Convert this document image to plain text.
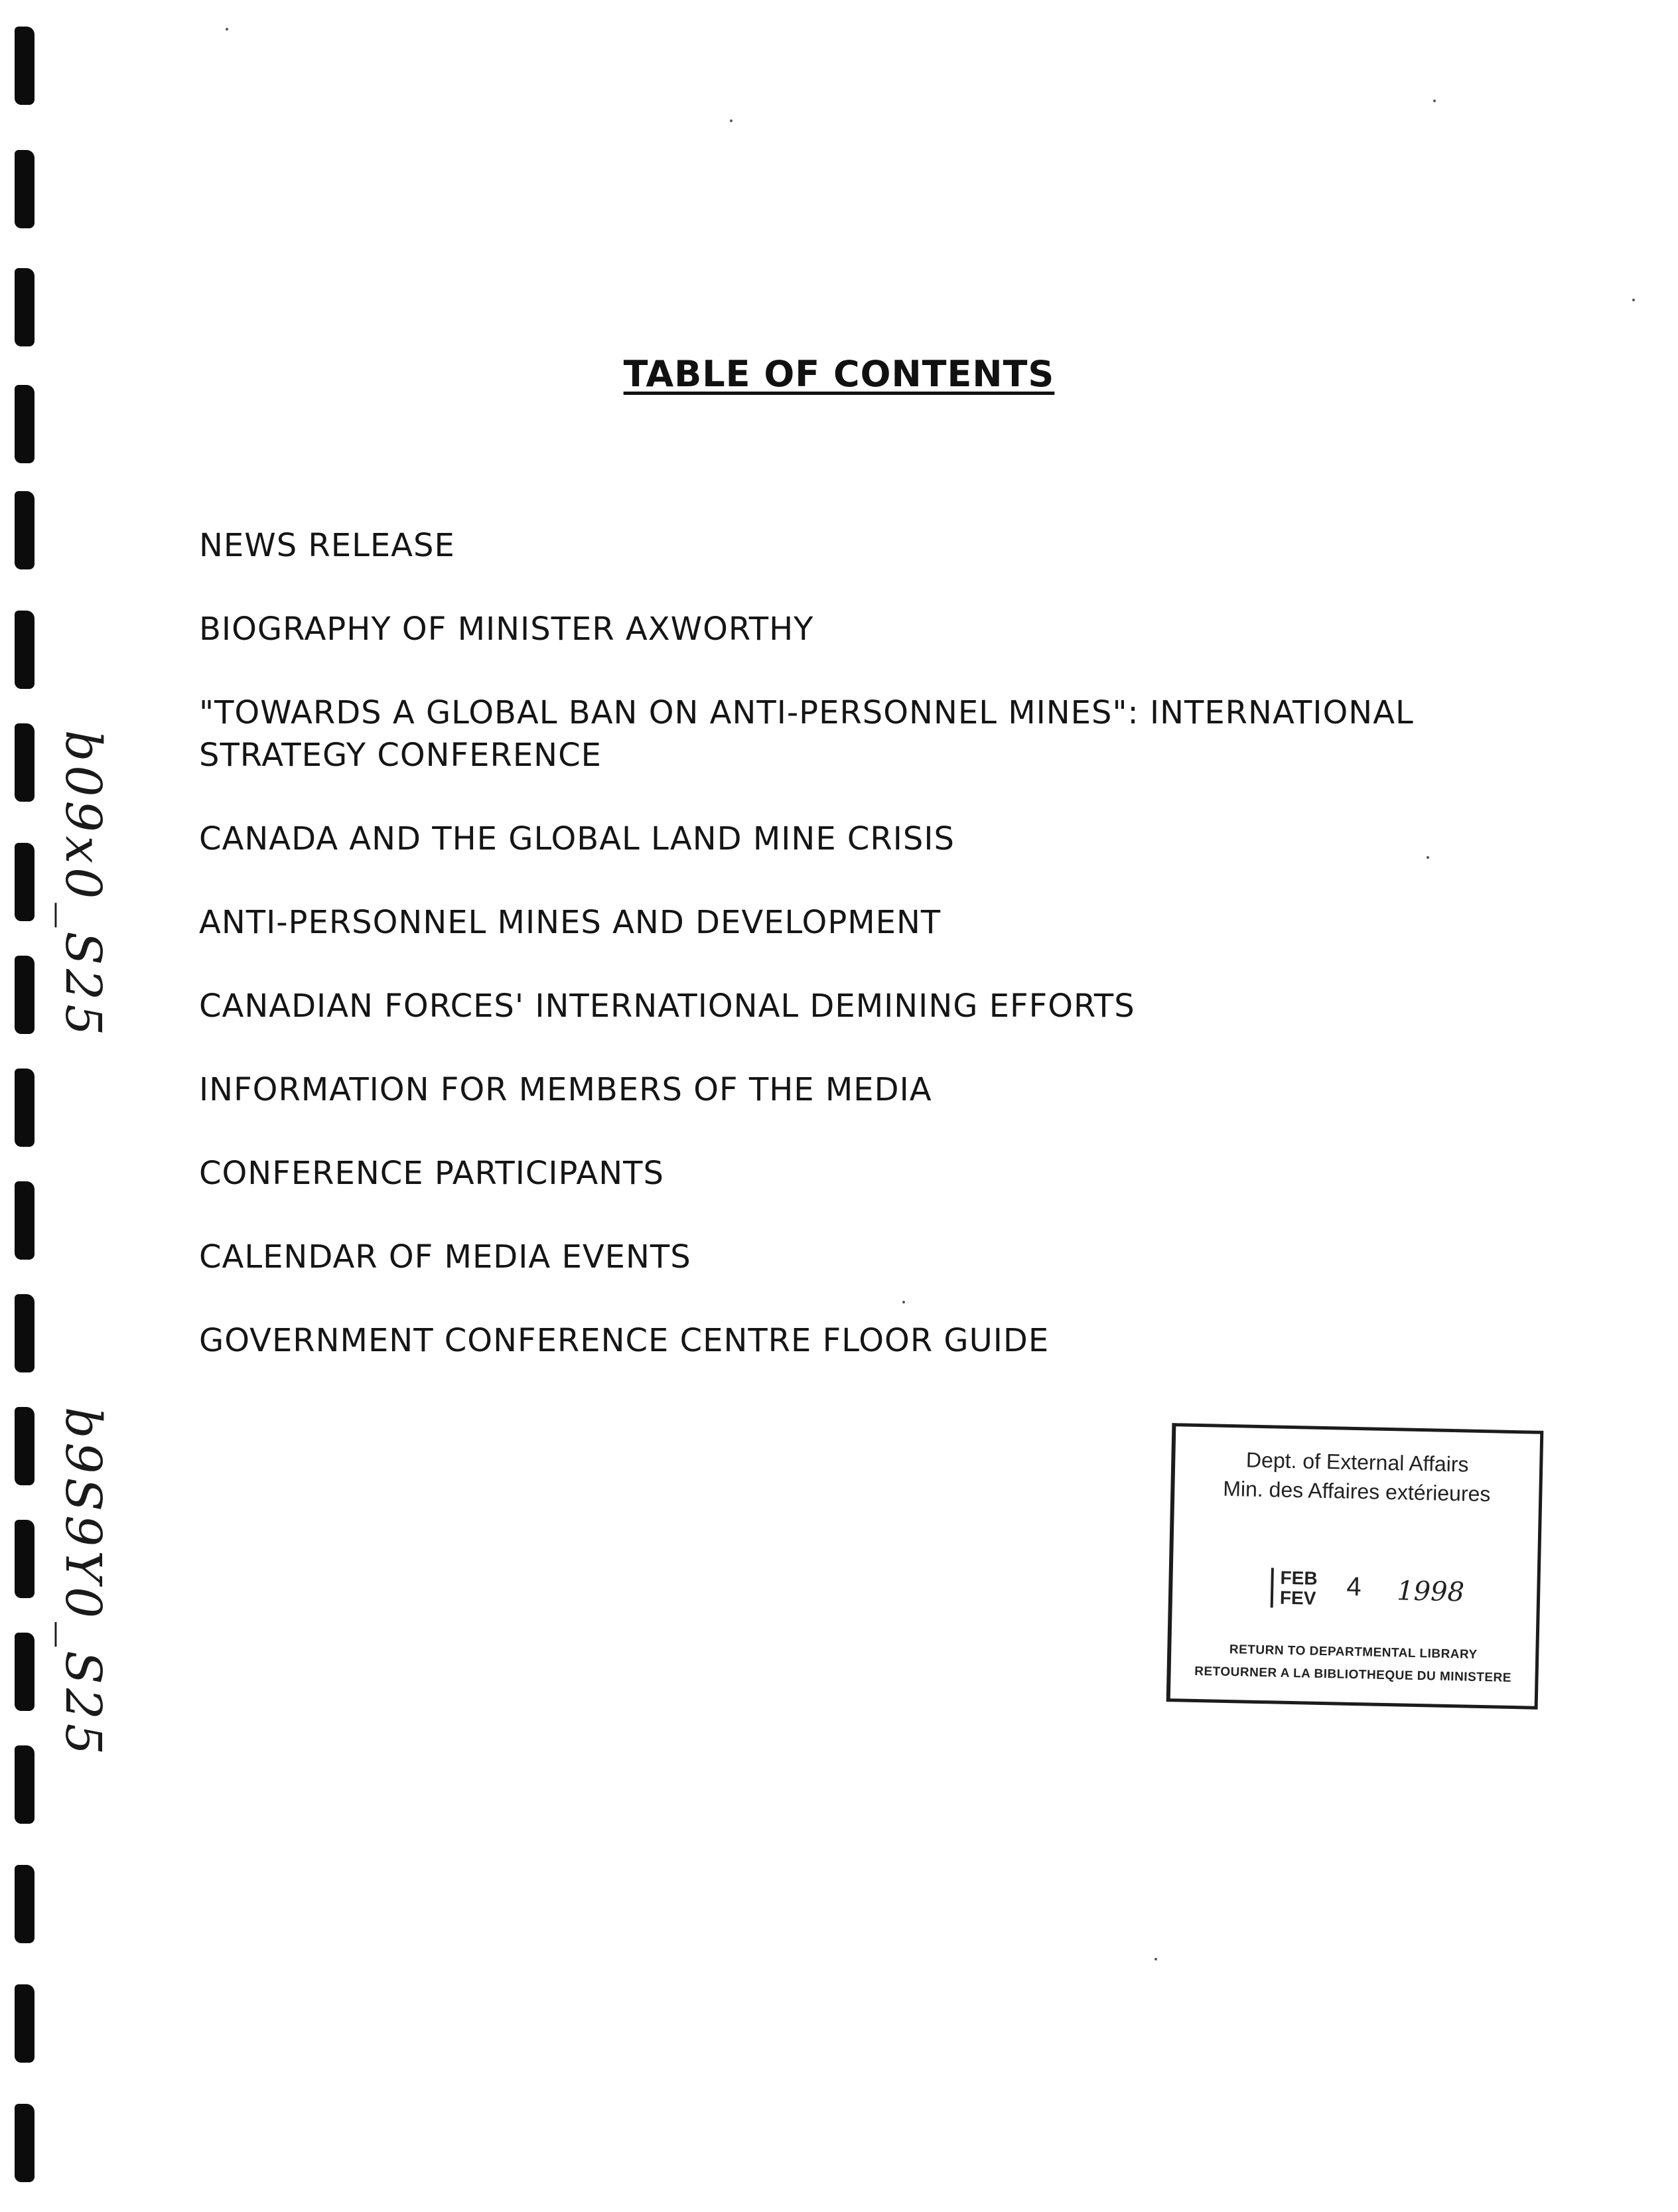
b09x0_S25
b9S9Y0_S25
TABLE OF CONTENTS
NEWS RELEASE
BIOGRAPHY OF MINISTER AXWORTHY
"TOWARDS A GLOBAL BAN ON ANTI-PERSONNEL MINES": INTERNATIONAL STRATEGY CONFERENCE
CANADA AND THE GLOBAL LAND MINE CRISIS
ANTI-PERSONNEL MINES AND DEVELOPMENT
CANADIAN FORCES' INTERNATIONAL DEMINING EFFORTS
INFORMATION FOR MEMBERS OF THE MEDIA
CONFERENCE PARTICIPANTS
CALENDAR OF MEDIA EVENTS
GOVERNMENT CONFERENCE CENTRE FLOOR GUIDE
Dept. of External Affairs
Min. des Affaires extérieures
FEB
FEV 4 1998
RETURN TO DEPARTMENTAL LIBRARY
RETOURNER A LA BIBLIOTHEQUE DU MINISTERE
